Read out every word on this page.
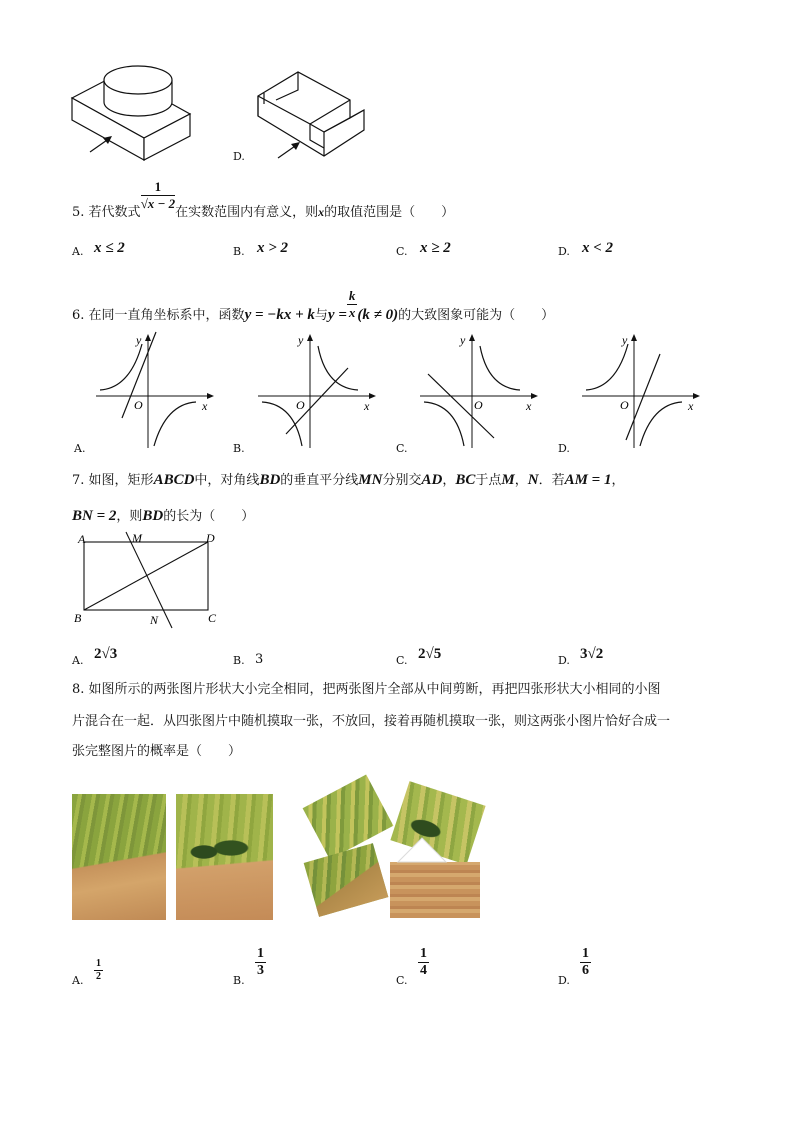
D.
5. 若代数式
$\frac{1}{√x - 2}$
在实数范围内有意义，则x的取值范围是（　　）
A. x ≤ 2	B. x > 2	C. x ≥ 2	D. x < 2
6. 在同一直角坐标系中，函数y = −kx + k与$y = \frac{k}{x} (k \ne 0)$的大致图象可能为（　　）
y
x
O
A.
y
x
O
B.
y
x
O
C.
y
x
O
D.
7. 如图，矩形ABCD中，对角线BD的垂直平分线MN分别交AD，BC于点M，N．若AM = 1，
BN = 2，则BD的长为（　　）
A	M	D
B	N	C
A. 2√3	B. 3	C. 2√5	D. 3√2
8. 如图所示的两张图片形状大小完全相同，把两张图片全部从中间剪断，再把四张形状大小相同的小图
片混合在一起．从四张图片中随机摸取一张，不放回，接着再随机摸取一张，则这两张小图片恰好合成一
张完整图片的概率是（　　）
A. $\frac{1}{2}$	B.
$\frac{1}{3}$
C.
$\frac{1}{4}$
D.
$\frac{1}{6}$
